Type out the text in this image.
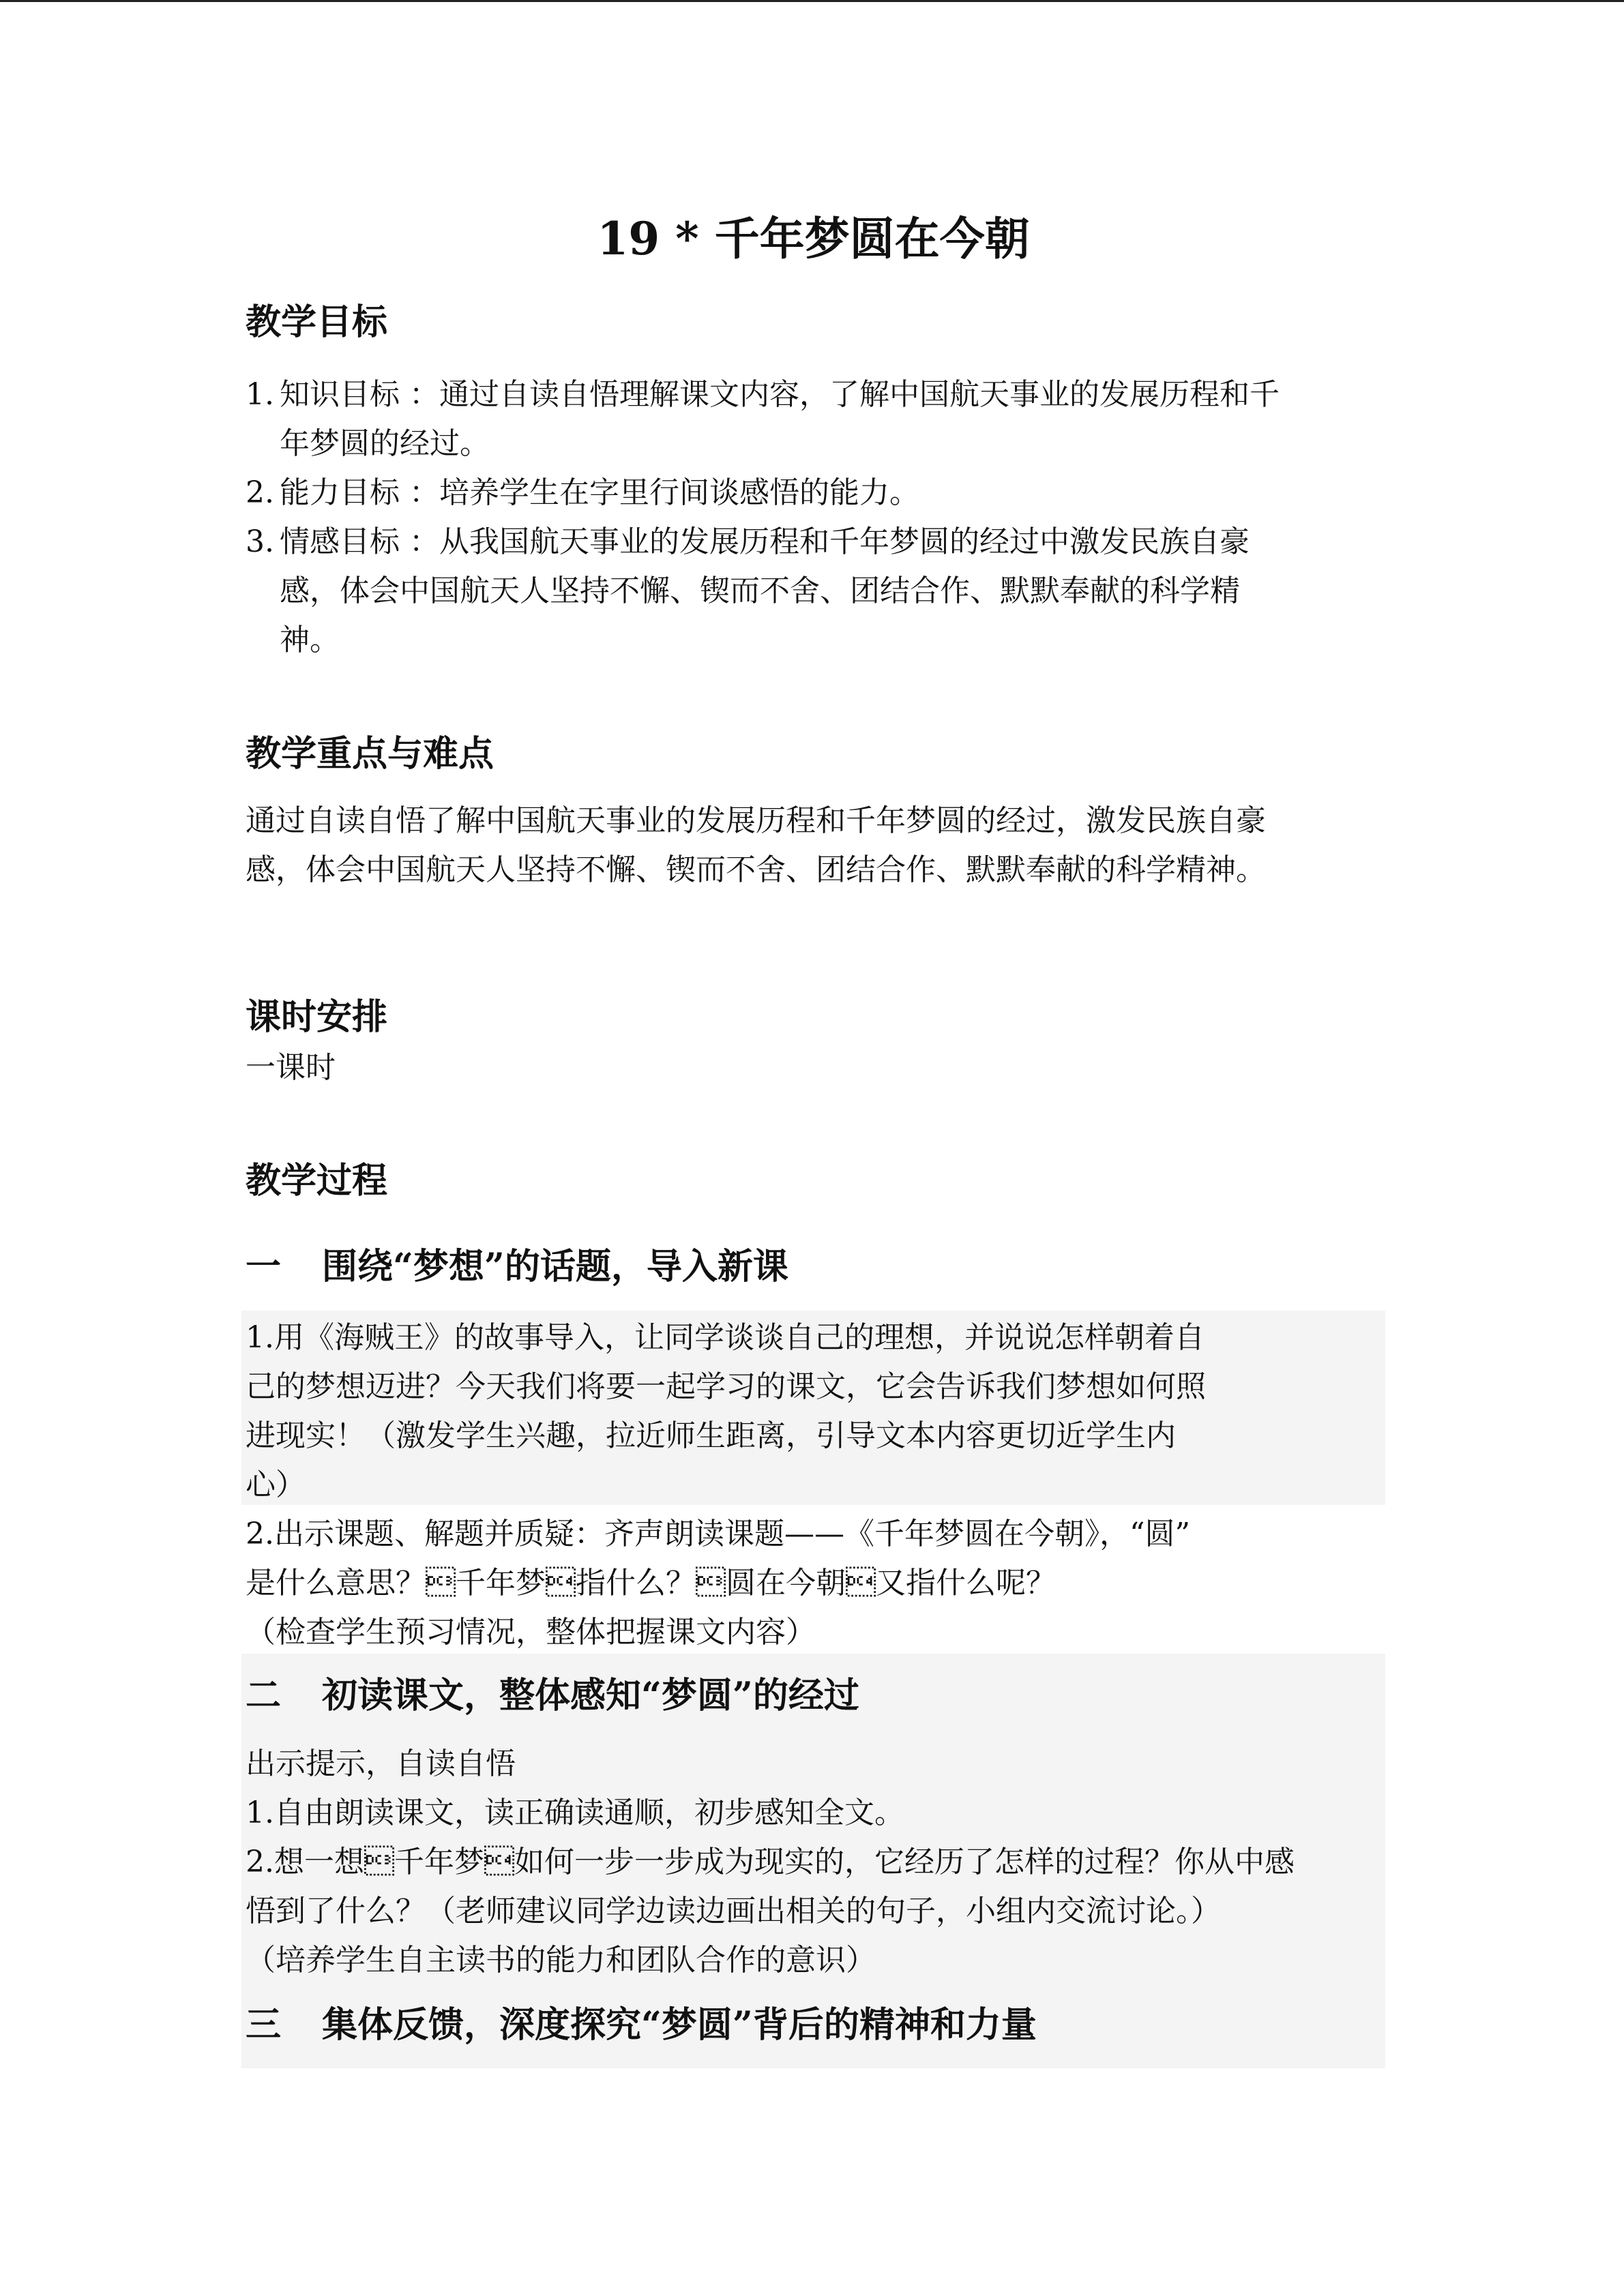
19 * 千年梦圆在今朝
教学目标
1. 知识目标 ：通过自读自悟理解课文内容，了解中国航天事业的发展历程和千
年梦圆的经过。
2. 能力目标 ：培养学生在字里行间谈感悟的能力。
3. 情感目标 ：从我国航天事业的发展历程和千年梦圆的经过中激发民族自豪
感，体会中国航天人坚持不懈、锲而不舍、团结合作、默默奉献的科学精
神。
教学重点与难点
通过自读自悟了解中国航天事业的发展历程和千年梦圆的经过，激发民族自豪
感，体会中国航天人坚持不懈、锲而不舍、团结合作、默默奉献的科学精神。
课时安排
一课时
教学过程
一 围绕“梦想”的话题，导入新课
1.用《海贼王》的故事导入，让同学谈谈自己的理想，并说说怎样朝着自
己的梦想迈进？今天我们将要一起学习的课文，它会告诉我们梦想如何照
进现实！（激发学生兴趣，拉近师生距离，引导文本内容更切近学生内
心）
2.出示课题、解题并质疑：齐声朗读课题——《千年梦圆在今朝》，“圆”
是什么意思？千年梦指什么？圆在今朝又指什么呢？
（检查学生预习情况，整体把握课文内容）
二 初读课文，整体感知“梦圆”的经过
出示提示，自读自悟
1.自由朗读课文，读正确读通顺，初步感知全文。
2.想一想千年梦如何一步一步成为现实的，它经历了怎样的过程？你从中感
悟到了什么？（老师建议同学边读边画出相关的句子，小组内交流讨论。）
（培养学生自主读书的能力和团队合作的意识）
三 集体反馈，深度探究“梦圆”背后的精神和力量
